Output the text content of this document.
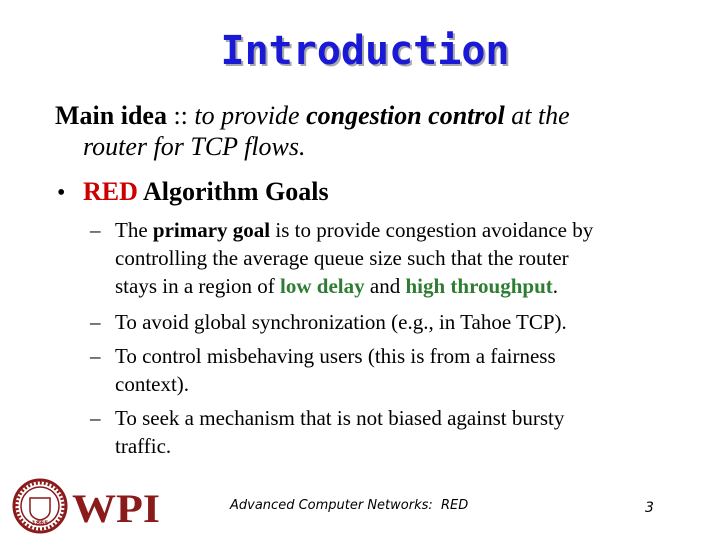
Introduction
Main idea :: to provide congestion control at the
router for TCP flows.
• RED Algorithm Goals
– The primary goal is to provide congestion avoidance by
controlling the average queue size such that the router
stays in a region of low delay and high throughput.
– To avoid global synchronization (e.g., in Tahoe TCP).
– To control misbehaving users (this is from a fairness
context).
– To seek a mechanism that is not biased against bursty
traffic.
1865 WPI	Advanced Computer Networks:  RED	3
